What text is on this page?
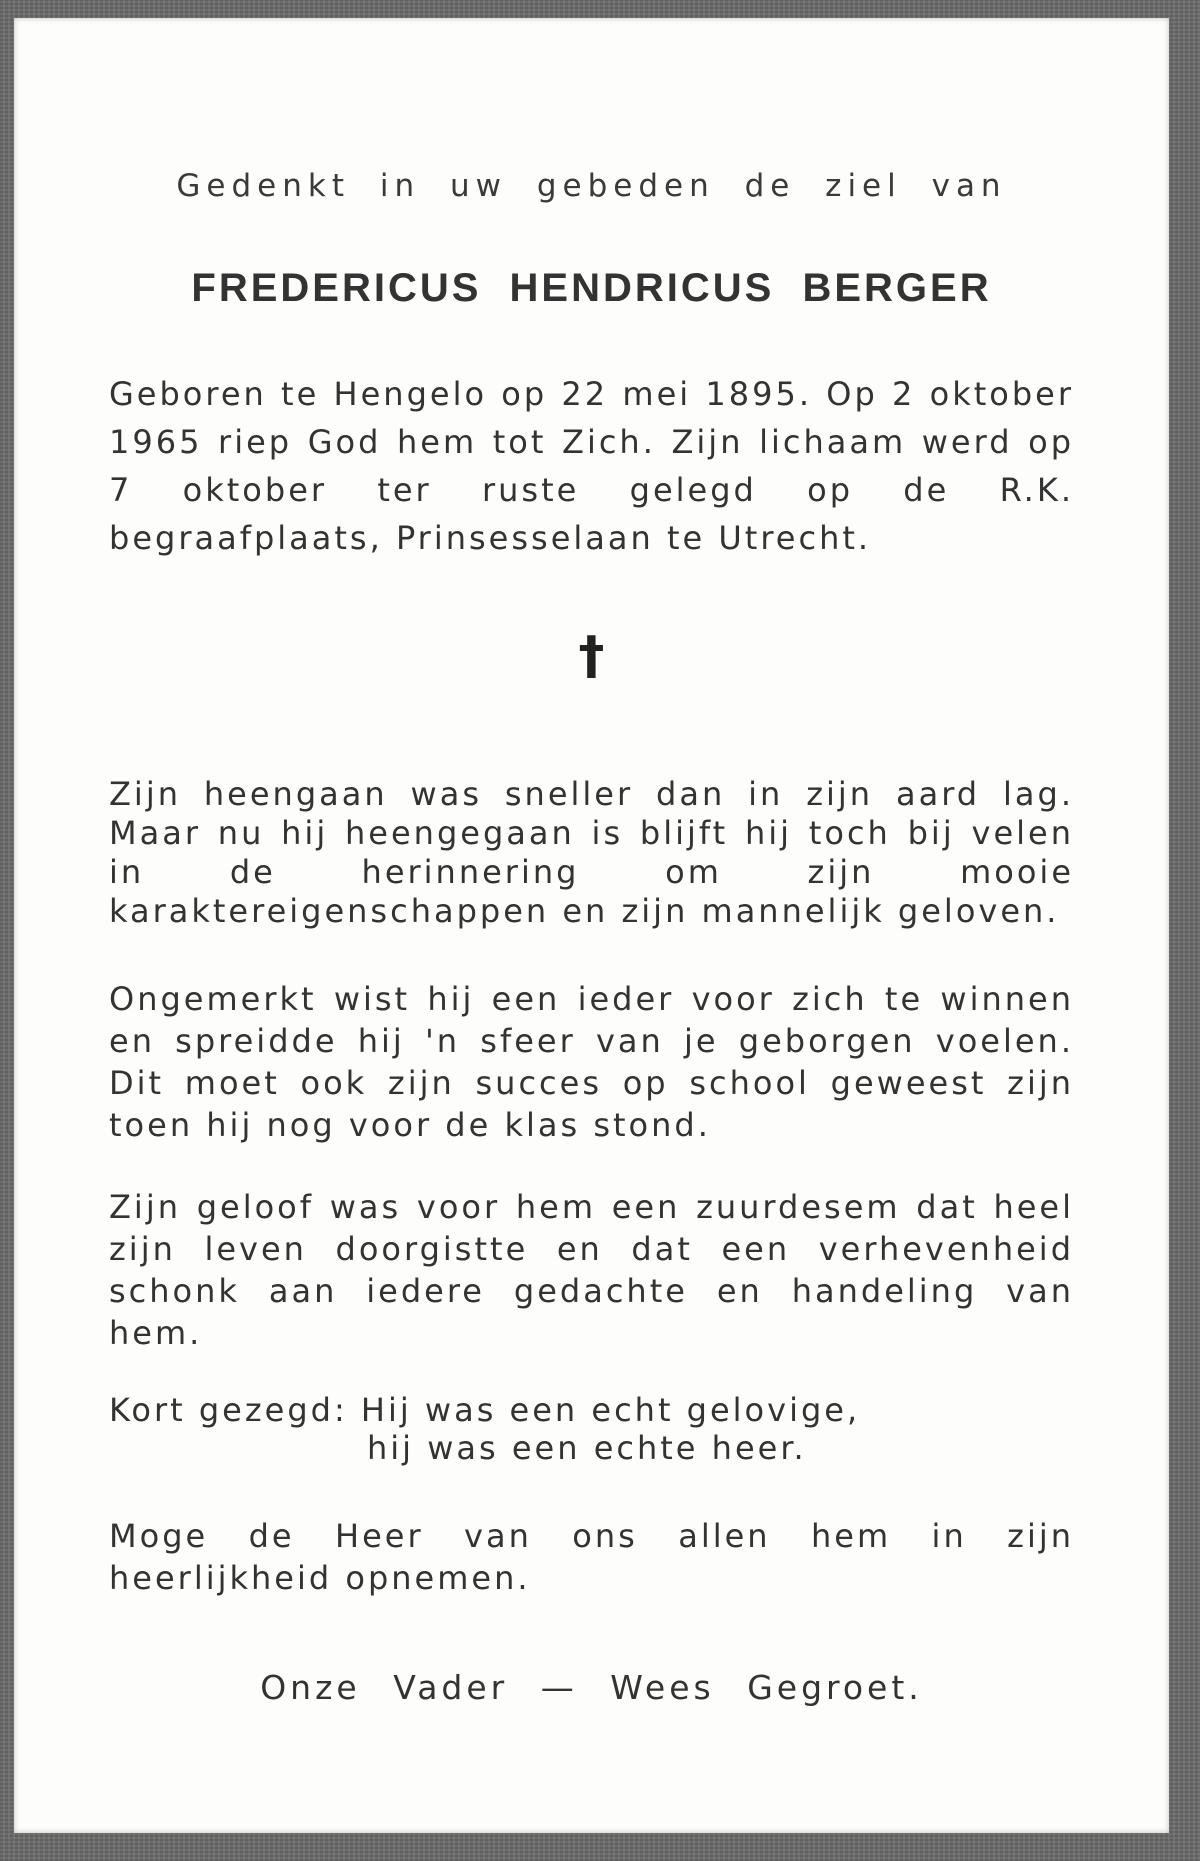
Gedenkt in uw gebeden de ziel van

FREDERICUS HENDRICUS BERGER

Geboren te Hengelo op 22 mei 1895. Op 2 oktober 1965 riep God hem tot Zich. Zijn lichaam werd op 7 oktober ter ruste gelegd op de R.K. begraafplaats, Prinsesselaan te Utrecht.

†

Zijn heengaan was sneller dan in zijn aard lag. Maar nu hij heengegaan is blijft hij toch bij velen in de herinnering om zijn mooie karaktereigenschappen en zijn mannelijk geloven.

Ongemerkt wist hij een ieder voor zich te winnen en spreidde hij 'n sfeer van je geborgen voelen. Dit moet ook zijn succes op school geweest zijn toen hij nog voor de klas stond.

Zijn geloof was voor hem een zuurdesem dat heel zijn leven doorgistte en dat een verhevenheid schonk aan iedere gedachte en handeling van hem.

Kort gezegd: Hij was een echt gelovige,
hij was een echte heer.

Moge de Heer van ons allen hem in zijn heerlijkheid opnemen.

Onze Vader — Wees Gegroet.
